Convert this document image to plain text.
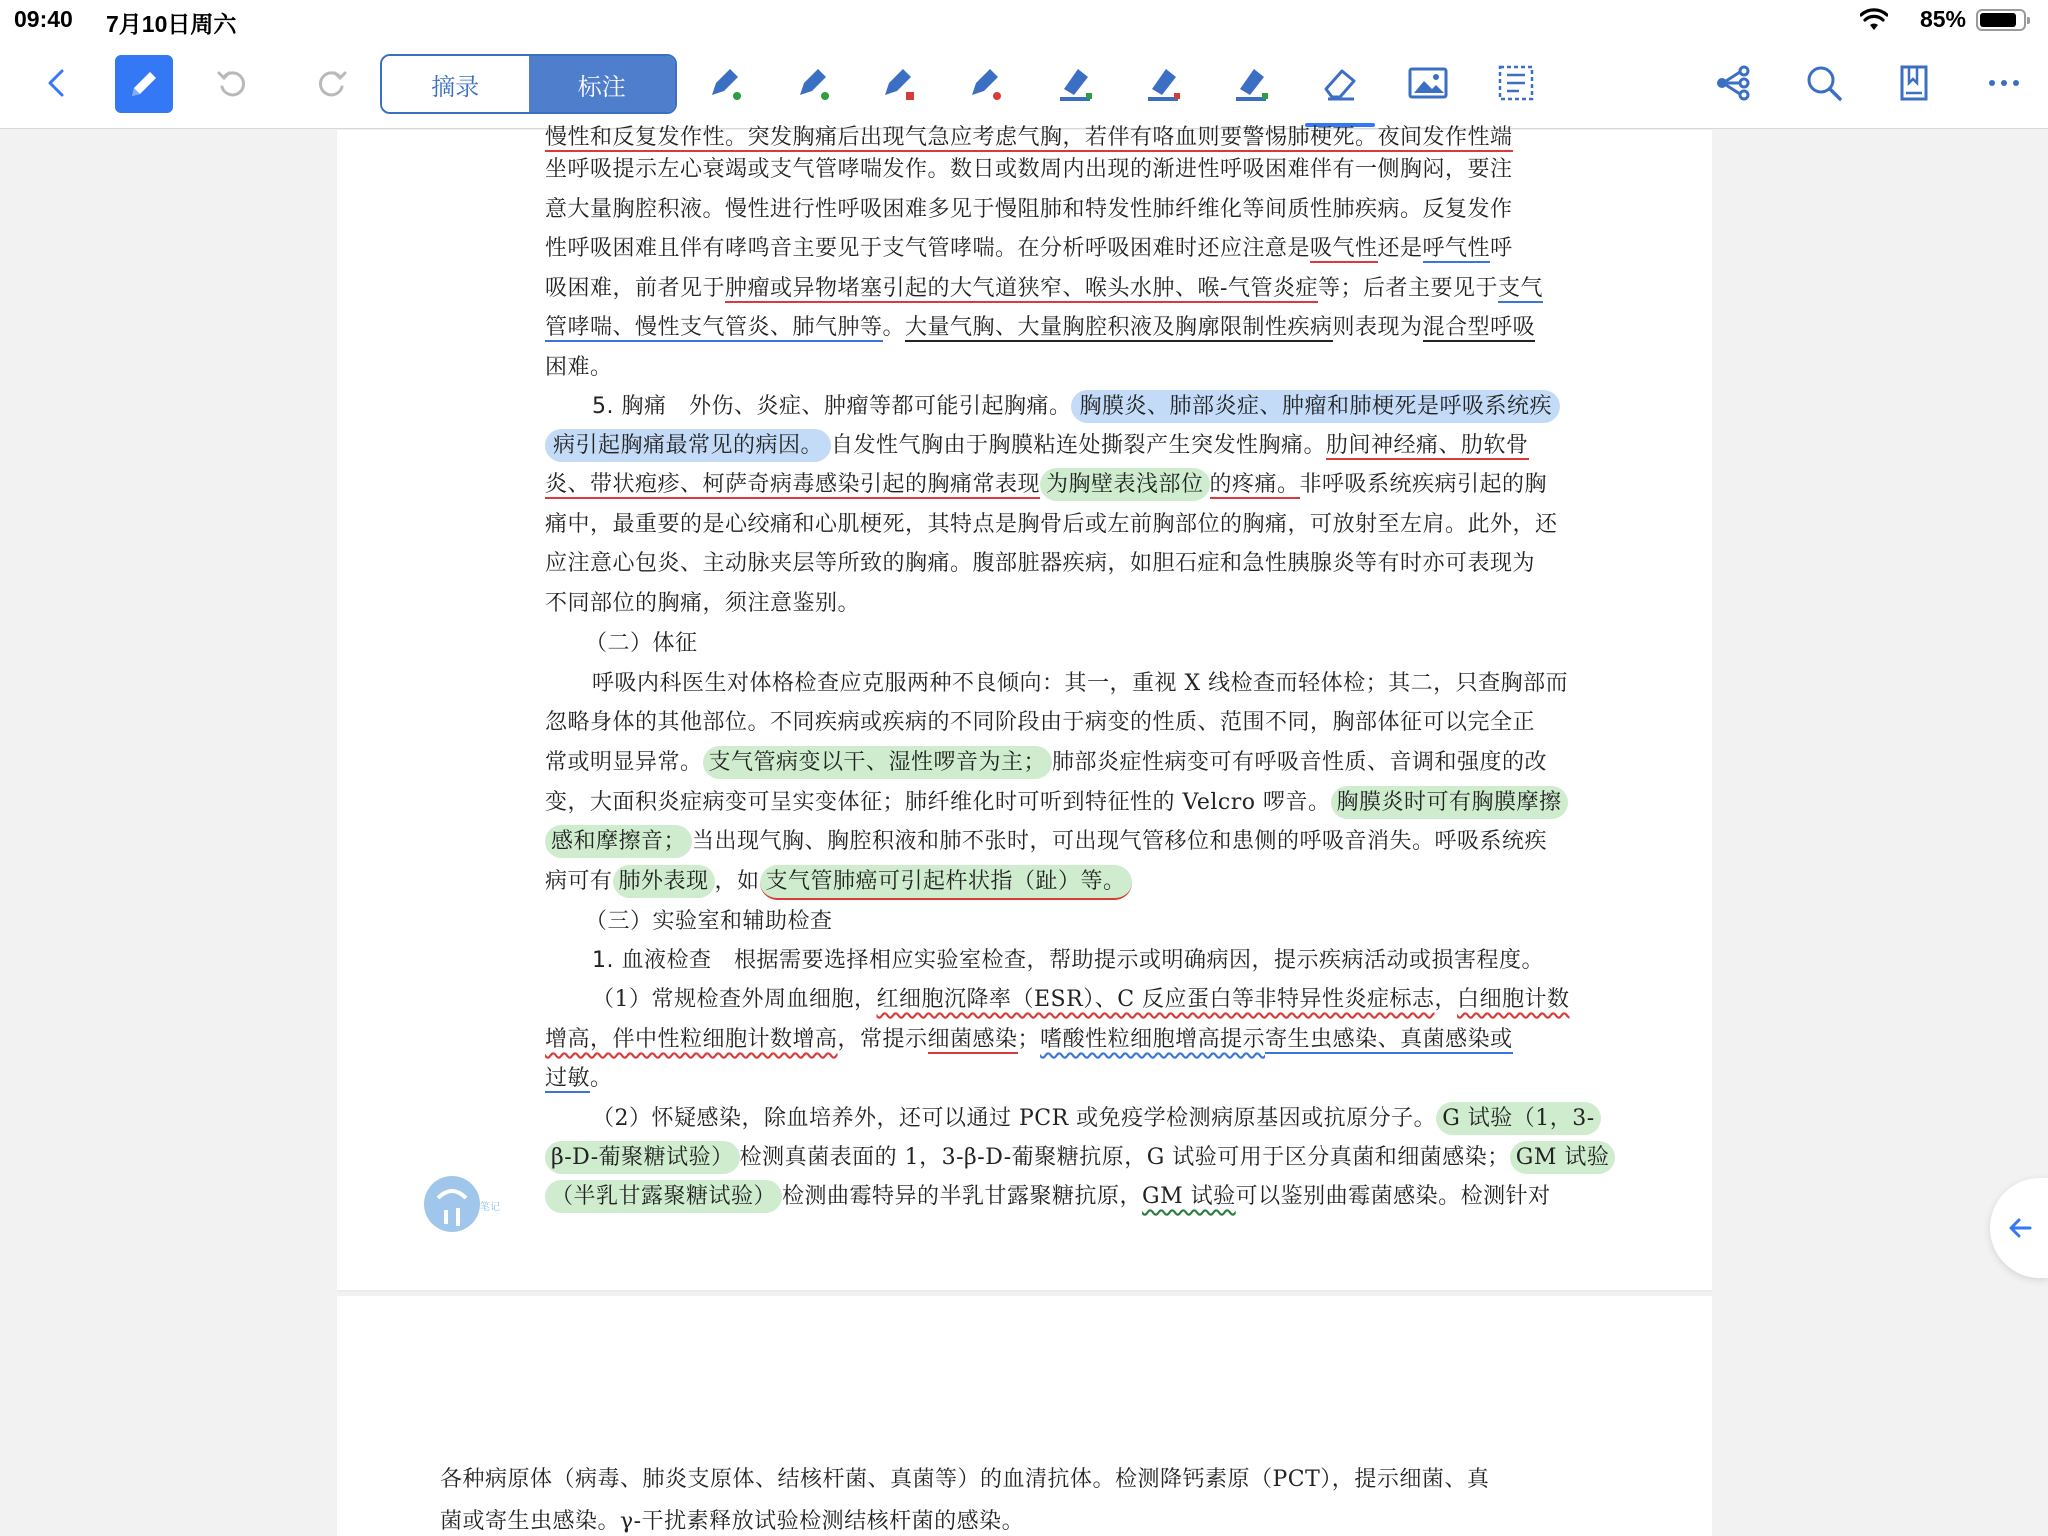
09:40 7月10日周六	85%
摘录	标注
慢性和反复发作性。突发胸痛后出现气急应考虑气胸，若伴有咯血则要警惕肺梗死。夜间发作性端
坐呼吸提示左心衰竭或支气管哮喘发作。数日或数周内出现的渐进性呼吸困难伴有一侧胸闷，要注
意大量胸腔积液。慢性进行性呼吸困难多见于慢阻肺和特发性肺纤维化等间质性肺疾病。反复发作
性呼吸困难且伴有哮鸣音主要见于支气管哮喘。在分析呼吸困难时还应注意是吸气性还是呼气性呼
吸困难，前者见于肿瘤或异物堵塞引起的大气道狭窄、喉头水肿、喉-气管炎症等；后者主要见于支气
管哮喘、慢性支气管炎、肺气肿等。大量气胸、大量胸腔积液及胸廓限制性疾病则表现为混合型呼吸
困难。
5. 胸痛 外伤、炎症、肿瘤等都可能引起胸痛。 胸膜炎、肺部炎症、肿瘤和肺梗死是呼吸系统疾
病引起胸痛最常见的病因。 自发性气胸由于胸膜粘连处撕裂产生突发性胸痛。肋间神经痛、肋软骨
炎、带状疱疹、柯萨奇病毒感染引起的胸痛常表现 为胸壁表浅部位 的疼痛。非呼吸系统疾病引起的胸
痛中，最重要的是心绞痛和心肌梗死，其特点是胸骨后或左前胸部位的胸痛，可放射至左肩。此外，还
应注意心包炎、主动脉夹层等所致的胸痛。腹部脏器疾病，如胆石症和急性胰腺炎等有时亦可表现为
不同部位的胸痛，须注意鉴别。
（二）体征
呼吸内科医生对体格检查应克服两种不良倾向：其一，重视 X 线检查而轻体检；其二，只查胸部而
忽略身体的其他部位。不同疾病或疾病的不同阶段由于病变的性质、范围不同，胸部体征可以完全正
常或明显异常。 支气管病变以干、湿性啰音为主； 肺部炎症性病变可有呼吸音性质、音调和强度的改
变，大面积炎症病变可呈实变体征；肺纤维化时可听到特征性的 Velcro 啰音。 胸膜炎时可有胸膜摩擦
感和摩擦音； 当出现气胸、胸腔积液和肺不张时，可出现气管移位和患侧的呼吸音消失。呼吸系统疾
病可有 肺外表现 ，如 支气管肺癌可引起杵状指（趾）等。
（三）实验室和辅助检查
1. 血液检查 根据需要选择相应实验室检查，帮助提示或明确病因，提示疾病活动或损害程度。
（1）常规检查外周血细胞，红细胞沉降率（ESR）、C 反应蛋白等非特异性炎症标志，白细胞计数
增高，伴中性粒细胞计数增高，常提示细菌感染；嗜酸性粒细胞增高提示寄生虫感染、真菌感染或
过敏。
（2）怀疑感染，除血培养外，还可以通过 PCR 或免疫学检测病原基因或抗原分子。 G 试验（1，3-
β-D-葡聚糖试验） 检测真菌表面的 1，3-β-D-葡聚糖抗原，G 试验可用于区分真菌和细菌感染； GM 试验
（半乳甘露聚糖试验） 检测曲霉特异的半乳甘露聚糖抗原，GM 试验可以鉴别曲霉菌感染。检测针对
笔记
各种病原体（病毒、肺炎支原体、结核杆菌、真菌等）的血清抗体。检测降钙素原（PCT），提示细菌、真
菌或寄生虫感染。γ-干扰素释放试验检测结核杆菌的感染。
